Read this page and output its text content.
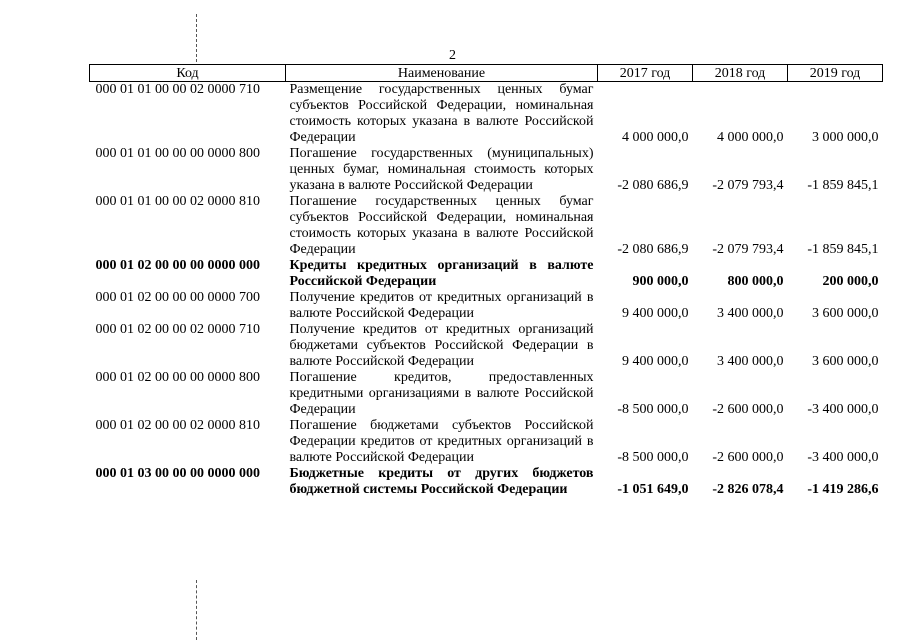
2
Код	Наименование	2017 год	2018 год	2019 год
000 01 01 00 00 02 0000 710	Размещение государственных ценных бумаг субъектов Российской Федерации, номинальная стоимость которых указана в валюте Российской Федерации	4 000 000,0	4 000 000,0	3 000 000,0
000 01 01 00 00 00 0000 800	Погашение государственных (муниципальных) ценных бумаг, номинальная стоимость которых указана в валюте Российской Федерации	-2 080 686,9	-2 079 793,4	-1 859 845,1
000 01 01 00 00 02 0000 810	Погашение государственных ценных бумаг субъектов Российской Федерации, номинальная стоимость которых указана в валюте Российской Федерации	-2 080 686,9	-2 079 793,4	-1 859 845,1
000 01 02 00 00 00 0000 000	Кредиты кредитных организаций в валюте Российской Федерации	900 000,0	800 000,0	200 000,0
000 01 02 00 00 00 0000 700	Получение кредитов от кредитных организаций в валюте Российской Федерации	9 400 000,0	3 400 000,0	3 600 000,0
000 01 02 00 00 02 0000 710	Получение кредитов от кредитных организаций бюджетами субъектов Российской Федерации в валюте Российской Федерации	9 400 000,0	3 400 000,0	3 600 000,0
000 01 02 00 00 00 0000 800	Погашение кредитов, предоставленных кредитными организациями в валюте Российской Федерации	-8 500 000,0	-2 600 000,0	-3 400 000,0
000 01 02 00 00 02 0000 810	Погашение бюджетами субъектов Российской Федерации кредитов от кредитных организаций в валюте Российской Федерации	-8 500 000,0	-2 600 000,0	-3 400 000,0
000 01 03 00 00 00 0000 000	Бюджетные кредиты от других бюджетов бюджетной системы Российской Федерации	-1 051 649,0	-2 826 078,4	-1 419 286,6
